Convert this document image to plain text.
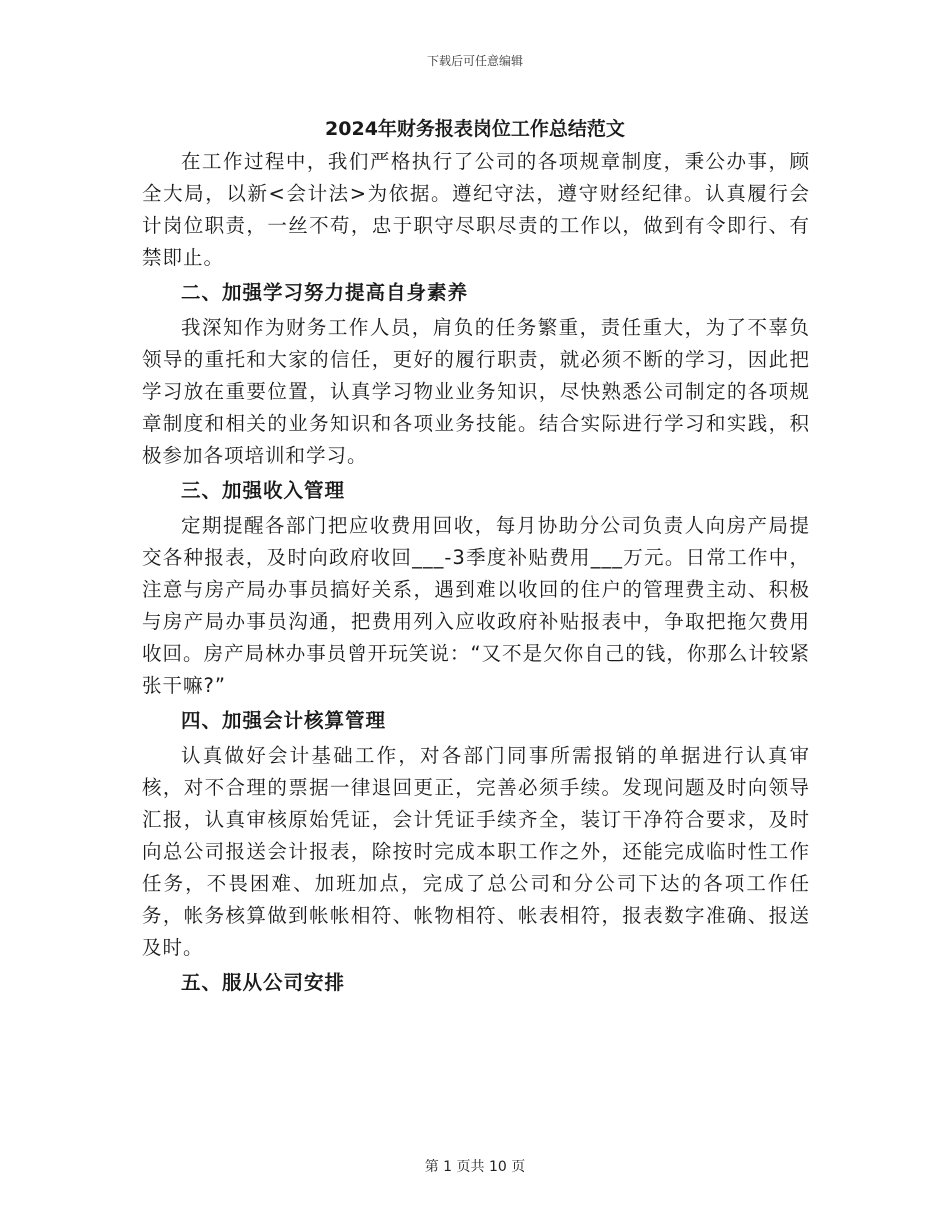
下载后可任意编辑
2024年财务报表岗位工作总结范文

在工作过程中，我们严格执行了公司的各项规章制度，秉公办事，顾全大局，以新<会计法>为依据。遵纪守法，遵守财经纪律。认真履行会计岗位职责，一丝不苟，忠于职守尽职尽责的工作以，做到有令即行、有禁即止。

二、加强学习努力提高自身素养

我深知作为财务工作人员，肩负的任务繁重，责任重大，为了不辜负领导的重托和大家的信任，更好的履行职责，就必须不断的学习，因此把学习放在重要位置，认真学习物业业务知识，尽快熟悉公司制定的各项规章制度和相关的业务知识和各项业务技能。结合实际进行学习和实践，积极参加各项培训和学习。

三、加强收入管理

定期提醒各部门把应收费用回收，每月协助分公司负责人向房产局提交各种报表，及时向政府收回___-3季度补贴费用___万元。日常工作中，注意与房产局办事员搞好关系，遇到难以收回的住户的管理费主动、积极与房产局办事员沟通，把费用列入应收政府补贴报表中，争取把拖欠费用收回。房产局林办事员曾开玩笑说：“又不是欠你自己的钱，你那么计较紧张干嘛?”

四、加强会计核算管理

认真做好会计基础工作，对各部门同事所需报销的单据进行认真审核，对不合理的票据一律退回更正，完善必须手续。发现问题及时向领导汇报，认真审核原始凭证，会计凭证手续齐全，装订干净符合要求，及时向总公司报送会计报表，除按时完成本职工作之外，还能完成临时性工作任务，不畏困难、加班加点，完成了总公司和分公司下达的各项工作任务，帐务核算做到帐帐相符、帐物相符、帐表相符，报表数字准确、报送及时。

五、服从公司安排

第 1 页共 10 页
